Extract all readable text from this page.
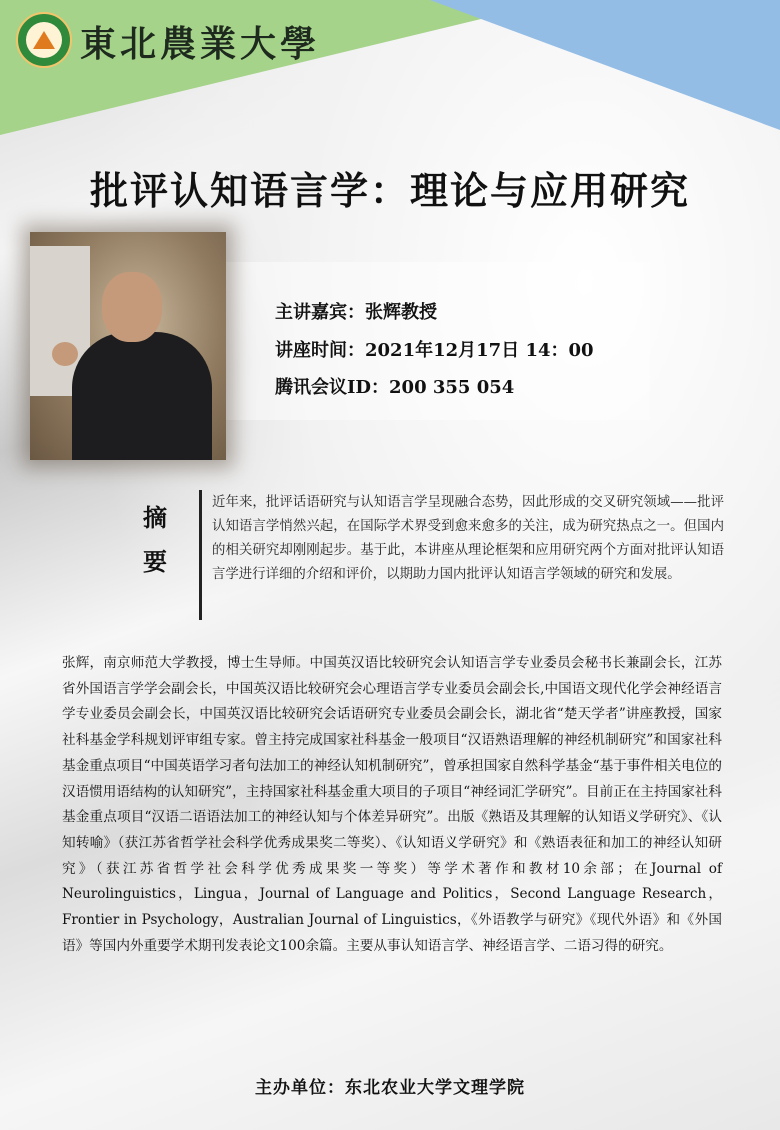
東北農業大學
批评认知语言学：理论与应用研究
主讲嘉宾：张辉教授
讲座时间：2021年12月17日 14：00
腾讯会议ID：200 355 054
摘
要
近年来，批评话语研究与认知语言学呈现融合态势，因此形成的交叉研究领域——批评认知语言学悄然兴起，在国际学术界受到愈来愈多的关注，成为研究热点之一。但国内的相关研究却刚刚起步。基于此，本讲座从理论框架和应用研究两个方面对批评认知语言学进行详细的介绍和评价，以期助力国内批评认知语言学领域的研究和发展。
张辉，南京师范大学教授，博士生导师。中国英汉语比较研究会认知语言学专业委员会秘书长兼副会长，江苏省外国语言学学会副会长，中国英汉语比较研究会心理语言学专业委员会副会长,中国语文现代化学会神经语言学专业委员会副会长，中国英汉语比较研究会话语研究专业委员会副会长，湖北省“楚天学者”讲座教授，国家社科基金学科规划评审组专家。曾主持完成国家社科基金一般项目“汉语熟语理解的神经机制研究”和国家社科基金重点项目“中国英语学习者句法加工的神经认知机制研究”，曾承担国家自然科学基金“基于事件相关电位的汉语惯用语结构的认知研究”，主持国家社科基金重大项目的子项目“神经词汇学研究”。目前正在主持国家社科基金重点项目“汉语二语语法加工的神经认知与个体差异研究”。出版《熟语及其理解的认知语义学研究》、《认知转喻》（获江苏省哲学社会科学优秀成果奖二等奖）、《认知语义学研究》和《熟语表征和加工的神经认知研究》（获江苏省哲学社会科学优秀成果奖一等奖）等学术著作和教材10余部；在Journal of Neurolinguistics，Lingua，Journal of Language and Politics，Second Language Research，Frontier in Psychology，Australian Journal of Linguistics，《外语教学与研究》《现代外语》和《外国语》等国内外重要学术期刊发表论文100余篇。主要从事认知语言学、神经语言学、二语习得的研究。
主办单位：东北农业大学文理学院
